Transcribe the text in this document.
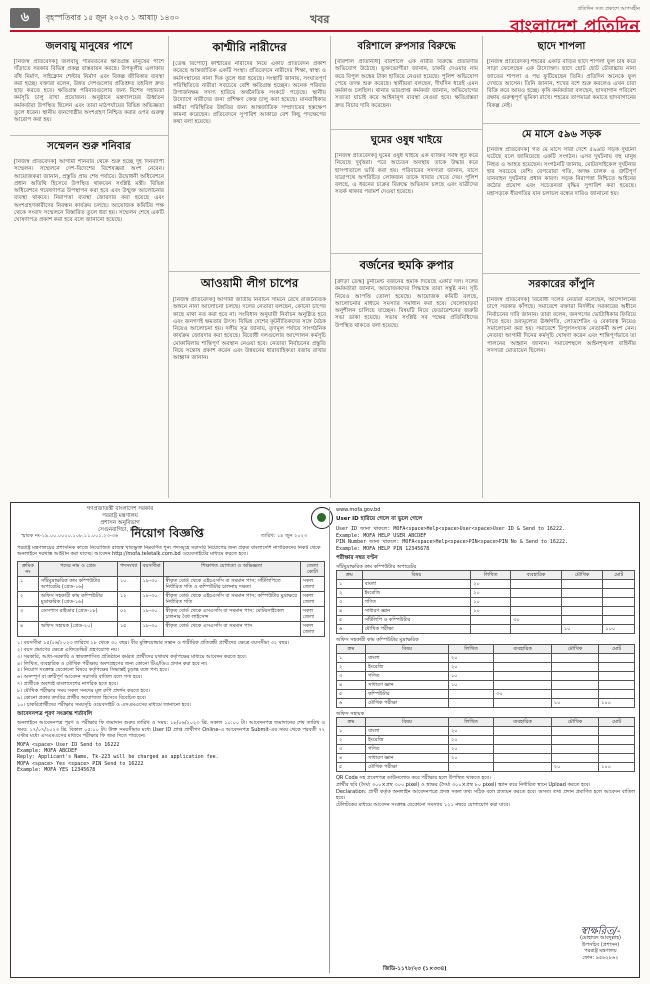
৬	বৃহস্পতিবার ১৫ জুন ২০২৩ ১ আষাঢ় ১৪৩০	খবর
প্রতিদিন সত্য প্রকাশে আপসহীন
বাংলাদেশ প্রতিদিন
জলবায়ু মানুষের পাশে
[নিজস্ব প্রতিবেদক] জলবায়ু পরিবর্তনের ক্ষতিগ্রস্ত মানুষের পাশে দাঁড়াতে সরকার বিভিন্ন প্রকল্প বাস্তবায়ন করছে। উপকূলীয় এলাকায় বাঁধ নির্মাণ, সাইক্লোন শেল্টার নির্মাণ এবং বিকল্প জীবিকার ব্যবস্থা করা হচ্ছে। বক্তারা বলেন, উন্নত দেশগুলোর প্রতিশ্রুত তহবিল দ্রুত ছাড় করতে হবে। ক্ষতিগ্রস্ত পরিবারগুলোর জন্য বিশেষ সহায়তা কর্মসূচি চালু রাখা প্রয়োজন। অনুষ্ঠানে মন্ত্রণালয়ের ঊর্ধ্বতন কর্মকর্তারা উপস্থিত ছিলেন এবং তারা মাঠপর্যায়ের বিভিন্ন অভিজ্ঞতা তুলে ধরেন। স্থানীয় জনগোষ্ঠীর অংশগ্রহণ নিশ্চিত করার ওপর গুরুত্ব আরোপ করা হয়।
সম্মেলন শুরু শনিবার
[নিজস্ব প্রতিবেদক] আগামী শনিবার থেকে শুরু হচ্ছে দুই দিনব্যাপী সম্মেলন। সম্মেলনে দেশ-বিদেশের বিশেষজ্ঞরা অংশ নেবেন। আয়োজকরা জানান, প্রস্তুতি প্রায় শেষ পর্যায়ে। উদ্বোধনী অধিবেশনে প্রধান অতিথি হিসেবে উপস্থিত থাকবেন সংশ্লিষ্ট মন্ত্রী। বিভিন্ন অধিবেশনে গবেষণাপত্র উপস্থাপন করা হবে এবং উন্মুক্ত আলোচনার ব্যবস্থা থাকবে। নিরাপত্তা ব্যবস্থা জোরদার করা হয়েছে এবং অংশগ্রহণকারীদের নিবন্ধন কার্যক্রম চলছে। আয়োজক কমিটির পক্ষ থেকে সংবাদ সম্মেলনে বিস্তারিত তুলে ধরা হয়। সম্মেলন শেষে একটি ঘোষণাপত্র প্রকাশ করা হবে বলে জানানো হয়েছে।
কাশ্মীরি নারীদের
[ডেস্ক রিপোর্ট] কাশ্মীরের নারীদের নিয়ে একটি প্রতিবেদন প্রকাশ করেছে আন্তর্জাতিক একটি সংস্থা। প্রতিবেদনে নারীদের শিক্ষা, স্বাস্থ্য ও কর্মসংস্থানের নানা দিক তুলে ধরা হয়েছে। সংস্থাটি জানায়, সংঘাতপূর্ণ পরিস্থিতিতে নারীরা সবচেয়ে বেশি ক্ষতিগ্রস্ত হচ্ছেন। অনেক পরিবার উপার্জনক্ষম সদস্য হারিয়ে অর্থনৈতিক সংকটে পড়েছে। স্থানীয় উদ্যোগে নারীদের জন্য প্রশিক্ষণ কেন্দ্র চালু করা হয়েছে। মানবাধিকার কর্মীরা পরিস্থিতির উন্নতির জন্য আন্তর্জাতিক সম্প্রদায়ের হস্তক্ষেপ কামনা করেছেন। প্রতিবেদনে সুপারিশ আকারে বেশ কিছু পদক্ষেপের কথা বলা হয়েছে।
আওয়ামী লীগ চাপের
[নিজস্ব প্রতিবেদক] আগামী জাতীয় নির্বাচন সামনে রেখে রাজনৈতিক অঙ্গনে নানা আলোচনা চলছে। দলের নেতারা বলছেন, কোনো চাপের কাছে মাথা নত করা হবে না। সংবিধান অনুযায়ী নির্বাচন অনুষ্ঠিত হবে এবং জনগণই ক্ষমতার উৎস। বিভিন্ন দেশের কূটনীতিকদের সঙ্গে বৈঠক নিয়েও আলোচনা হয়। দলীয় সূত্র জানায়, তৃণমূল পর্যায়ে সাংগঠনিক কার্যক্রম জোরদার করা হয়েছে। বিরোধী দলগুলোর আন্দোলন কর্মসূচি মোকাবিলায় শান্তিপূর্ণ অবস্থান নেওয়া হবে। নেতারা নির্বাচনের প্রস্তুতি নিয়ে সন্তোষ প্রকাশ করেন এবং উন্নয়নের ধারাবাহিকতা বজায় রাখার আহ্বান জানান।
বরিশালে রুপসার বিরুদ্ধে
[বরিশাল প্রতিনিধি] বরিশালে এক নারীর বিরুদ্ধে প্রতারণার অভিযোগ উঠেছে। ভুক্তভোগীরা জানান, চাকরি দেওয়ার নাম করে বিপুল অঙ্কের টাকা হাতিয়ে নেওয়া হয়েছে। পুলিশ অভিযোগ পেয়ে তদন্ত শুরু করেছে। স্থানীয়রা বলছেন, দীর্ঘদিন ধরেই এমন কর্মকাণ্ড চলছিল। থানার ভারপ্রাপ্ত কর্মকর্তা জানান, অভিযোগের সত্যতা যাচাই করে আইনানুগ ব্যবস্থা নেওয়া হবে। ক্ষতিগ্রস্তরা দ্রুত বিচার দাবি করেছেন।
ঘুমের ওষুধ খাইয়ে
[নিজস্ব প্রতিবেদক] ঘুমের ওষুধ খাইয়ে এক ব্যক্তির সর্বস্ব লুট করে নিয়েছে দুর্বৃত্তরা। পরে অচেতন অবস্থায় তাকে উদ্ধার করে হাসপাতালে ভর্তি করা হয়। পরিবারের সদস্যরা জানান, বাসে যাত্রাপথে অপরিচিত লোকজন তাকে খাবার খেতে দেয়। পুলিশ বলছে, এ ধরনের চক্রের বিরুদ্ধে অভিযান চলছে এবং যাত্রীদের সতর্ক থাকার পরামর্শ দেওয়া হয়েছে।
বর্জনের হুমকি রুপার
[ক্রীড়া ডেস্ক] টুর্নামেন্ট বর্জনের হুমকি দিয়েছে একটি দল। দলের কর্মকর্তারা জানান, আয়োজকদের সিদ্ধান্তে তারা সন্তুষ্ট নন। সূচি নিয়েও আপত্তি তোলা হয়েছে। আয়োজক কমিটি বলছে, আলোচনার মাধ্যমে সমস্যার সমাধান করা হবে। খেলোয়াড়রা অনুশীলন চালিয়ে যাচ্ছেন। বিষয়টি নিয়ে ফেডারেশনের জরুরি সভা ডাকা হয়েছে। সভায় সংশ্লিষ্ট সব পক্ষের প্রতিনিধিদের উপস্থিত থাকতে বলা হয়েছে।
ছাদে শাপলা
[নিজস্ব প্রতিবেদক] শহরের একটি বাড়ির ছাদে শাপলা ফুল চাষ করে সাড়া ফেলেছেন এক উদ্যোক্তা। ছাদে ছোট ছোট চৌবাচ্চায় নানা জাতের শাপলা ও পদ্ম ফুটিয়েছেন তিনি। প্রতিদিন অনেকে ফুল দেখতে আসেন। তিনি জানান, শখের বশে শুরু করলেও এখন চারা বিক্রি করে আয়ও হচ্ছে। কৃষি কর্মকর্তারা বলছেন, ছাদবাগান পরিবেশ রক্ষায় গুরুত্বপূর্ণ ভূমিকা রাখে। শহরের তাপমাত্রা কমাতে ছাদবাগানের বিকল্প নেই।
মে মাসে ৫৯৬ সড়ক
[নিজস্ব প্রতিবেদক] গত মে মাসে সারা দেশে ৫৯৬টি সড়ক দুর্ঘটনা ঘটেছে বলে জানিয়েছে একটি সংগঠন। এসব দুর্ঘটনায় বহু মানুষ নিহত ও আহত হয়েছেন। সংগঠনটি জানায়, মোটরসাইকেল দুর্ঘটনার হার সবচেয়ে বেশি। বেপরোয়া গতি, অদক্ষ চালক ও ত্রুটিপূর্ণ যানবাহন দুর্ঘটনার প্রধান কারণ। সড়ক নিরাপত্তা নিশ্চিতে আইনের কঠোর প্রয়োগ এবং সচেতনতা বৃদ্ধির সুপারিশ করা হয়েছে। মহাসড়কে ধীরগতির যান চলাচল বন্ধের দাবিও জানানো হয়।
সরকারের কাঁপুনি
[নিজস্ব প্রতিবেদক] বিরোধী দলের নেতারা বলেছেন, আন্দোলনের চাপে সরকার কাঁপছে। সমাবেশে বক্তারা নির্দলীয় সরকারের অধীনে নির্বাচনের দাবি জানান। তারা বলেন, জনগণের ভোটাধিকার ফিরিয়ে দিতে হবে। দ্রব্যমূল্যের ঊর্ধ্বগতি, লোডশেডিং ও বেকারত্ব নিয়েও সমালোচনা করা হয়। সমাবেশে বিপুলসংখ্যক নেতাকর্মী অংশ নেন। নেতারা আগামী দিনের কর্মসূচি ঘোষণা করেন এবং শান্তিপূর্ণভাবে তা পালনের আহ্বান জানান। সমাবেশস্থলে আইনশৃঙ্খলা বাহিনীর সদস্যরা মোতায়েন ছিলেন।
গণপ্রজাতন্ত্রী বাংলাদেশ সরকার
পররাষ্ট্র মন্ত্রণালয়
প্রশাসন অনুবিভাগ
সেগুনবাগিচা, ঢাকা।
নিয়োগ বিজ্ঞপ্তি
স্মারক নং-১৯.০০.০০০০.১০৮.১১.০০১.২৩-৩৬	তারিখ: ১৪ জুন ২০২৩
পররাষ্ট্র মন্ত্রণালয়ের প্রশাসনিক কাজে নিয়োজিত রাজস্ব খাতভুক্ত নিম্নবর্ণিত শূন্য পদসমূহে সরাসরি নিয়োগের জন্য প্রকৃত বাংলাদেশি নাগরিকদের নিকট থেকে অনলাইনে দরখাস্ত আহ্বান করা যাচ্ছে। আবেদন http://mofa.teletalk.com.bd ওয়েবসাইটের মাধ্যমে করতে হবে।
ক্রমিক নং	পদের নাম ও গ্রেড	পদসংখ্যা	বয়সসীমা	শিক্ষাগত যোগ্যতা ও অভিজ্ঞতা	জেলা কোটা
১	সাঁটমুদ্রাক্ষরিক কাম কম্পিউটার অপারেটর (গ্রেড-১৬)	১০	১৮-৩০	স্বীকৃত বোর্ড থেকে এইচএসসি বা সমমান পাস; সাঁটলিপিতে নির্ধারিত গতি ও কম্পিউটার চালনায় দক্ষতা	সকল জেলা
২	অফিস সহকারী কাম কম্পিউটার মুদ্রাক্ষরিক (গ্রেড-১৬)	১২	১৮-৩০	স্বীকৃত বোর্ড থেকে এইচএসসি বা সমমান পাস; কম্পিউটার মুদ্রাক্ষরে নির্ধারিত গতি	সকল জেলা
৩	ডেসপাস রাইডার (গ্রেড-১৮)	০২	১৮-৩০	স্বীকৃত বোর্ড থেকে এসএসসি বা সমমান পাস; মোটরসাইকেল চালনার বৈধ লাইসেন্স	সকল জেলা
৪	অফিস সহায়ক (গ্রেড-২০)	১৫	১৮-৩০	স্বীকৃত বোর্ড থেকে এসএসসি বা সমমান পাস	সকল জেলা

১। বয়সসীমা ১৫/০৬/২০২৩ তারিখে ১৮ থেকে ৩০ বছর। বীর মুক্তিযোদ্ধার সন্তান ও শারীরিক প্রতিবন্ধী প্রার্থীদের ক্ষেত্রে বয়সসীমা ৩২ বছর।

২। বয়স প্রমাণের ক্ষেত্রে এফিডেভিট গ্রহণযোগ্য নয়।

৩। সরকারি, আধা-সরকারি ও স্বায়ত্তশাসিত প্রতিষ্ঠানে কর্মরত প্রার্থীদের যথাযথ কর্তৃপক্ষের মাধ্যমে আবেদন করতে হবে।

৪। লিখিত, ব্যবহারিক ও মৌখিক পরীক্ষায় অংশগ্রহণের জন্য কোনো টিএ/ডিএ প্রদান করা হবে না।

৫। নিয়োগ সংক্রান্ত যেকোনো বিষয়ে কর্তৃপক্ষের সিদ্ধান্তই চূড়ান্ত বলে গণ্য হবে।

৬। অসম্পূর্ণ বা ত্রুটিপূর্ণ আবেদন সরাসরি বাতিল বলে গণ্য হবে।

৭। প্রার্থীকে অবশ্যই বাংলাদেশের নাগরিক হতে হবে।

৮। মৌখিক পরীক্ষার সময় সকল সনদের মূল কপি প্রদর্শন করতে হবে।

৯। কোনো প্রকার তদবির প্রার্থীর অযোগ্যতা হিসেবে বিবেচিত হবে।

১০। চাকরিপ্রার্থীদের পরীক্ষার সময়সূচি ওয়েবসাইট ও এসএমএসের মাধ্যমে জানানো হবে।

আবেদনপত্র পূরণ সংক্রান্ত শর্তাবলি
অনলাইনে আবেদনপত্র পূরণ ও পরীক্ষার ফি জমাদান শুরুর তারিখ ও সময়: ১৮/০৬/২০২৩ খ্রি. সকাল ১০:০০ টা। আবেদনপত্র জমাদানের শেষ তারিখ ও সময়: ১৭/০৭/২০২৩ খ্রি. বিকাল ০৫:০০ টা। উক্ত সময়সীমার মধ্যে User ID প্রাপ্ত প্রার্থীগণ Online-এ আবেদনপত্র Submit-এর সময় থেকে পরবর্তী ৭২ ঘণ্টার মধ্যে এসএমএসের মাধ্যমে পরীক্ষার ফি জমা দিতে পারবেন।
MOFA <space> User ID Send to 16222
Example: MOFA ABCDEF
Reply: Applicant's Name, Tk-223 will be charged as application fee.
MOFA <space> Yes <space> PIN Send to 16222
Example: MOFA YES 12345678
www.mofa.gov.bd
User ID হারিয়ে গেলে বা ভুলে গেলে
User ID জানা থাকলে: MOFA<space>Help<space>User<space>User ID & Send to 16222.
Example: MOFA HELP USER ABCDEF
PIN Number জানা থাকলে: MOFA<space>Help<space>PIN<space>PIN No & Send to 16222.
Example: MOFA HELP PIN 12345678
পরীক্ষার নম্বর বণ্টন
সাঁটমুদ্রাক্ষরিক কাম কম্পিউটার অপারেটর
ক্রম	বিষয়	লিখিত	ব্যবহারিক	মৌখিক	মোট
১	বাংলা	২০			
২	ইংরেজি	২০			
৩	গণিত	১০			
৪	সাধারণ জ্ঞান	১০			
৫	সাঁটলিপি ও কম্পিউটার		৩০		
৬	মৌখিক পরীক্ষা			১০	১০০
অফিস সহকারী কাম কম্পিউটার মুদ্রাক্ষরিক
ক্রম	বিষয়	লিখিত	ব্যবহারিক	মৌখিক	মোট
১	বাংলা	২০			
২	ইংরেজি	২০			
৩	গণিত	১০			
৪	সাধারণ জ্ঞান	১০			
৫	কম্পিউটার		৩০		
৬	মৌখিক পরীক্ষা			১০	১০০
অফিস সহায়ক
ক্রম	বিষয়	লিখিত	ব্যবহারিক	মৌখিক	মোট
১	বাংলা	২০			
২	ইংরেজি	২০			
৩	গণিত	২০			
৪	সাধারণ জ্ঞান	২০			
৫	মৌখিক পরীক্ষা			২০	১০০

QR Code সহ প্রবেশপত্র ডাউনলোড করে পরীক্ষার হলে উপস্থিত থাকতে হবে।

প্রার্থীর ছবি (দৈর্ঘ্য ৩০০×প্রস্থ ৩০০ pixel) ও স্বাক্ষর (দৈর্ঘ্য ৩০০×প্রস্থ ৮০ pixel) স্ক্যান করে নির্ধারিত স্থানে Upload করতে হবে।

Declaration: প্রার্থী কর্তৃক অনলাইন আবেদনপত্রে প্রদত্ত সকল তথ্য সঠিক বলে প্রত্যয়ন করতে হবে। অসত্য তথ্য প্রদান প্রমাণিত হলে আবেদন বাতিল হবে।

টেলিটকের মাধ্যমে আবেদন সংক্রান্ত যেকোনো সমস্যায় ১২১ নম্বরে যোগাযোগ করা যাবে।

স্বাক্ষরিত/-
(মোহাম্মদ আবদুল্লাহ)
উপসচিব (প্রশাসন)
পররাষ্ট্র মন্ত্রণালয়
ফোন: ৯৫৬২৮৬২
জিডি-১১৭৮/২৩ (১×৩৩৪)
